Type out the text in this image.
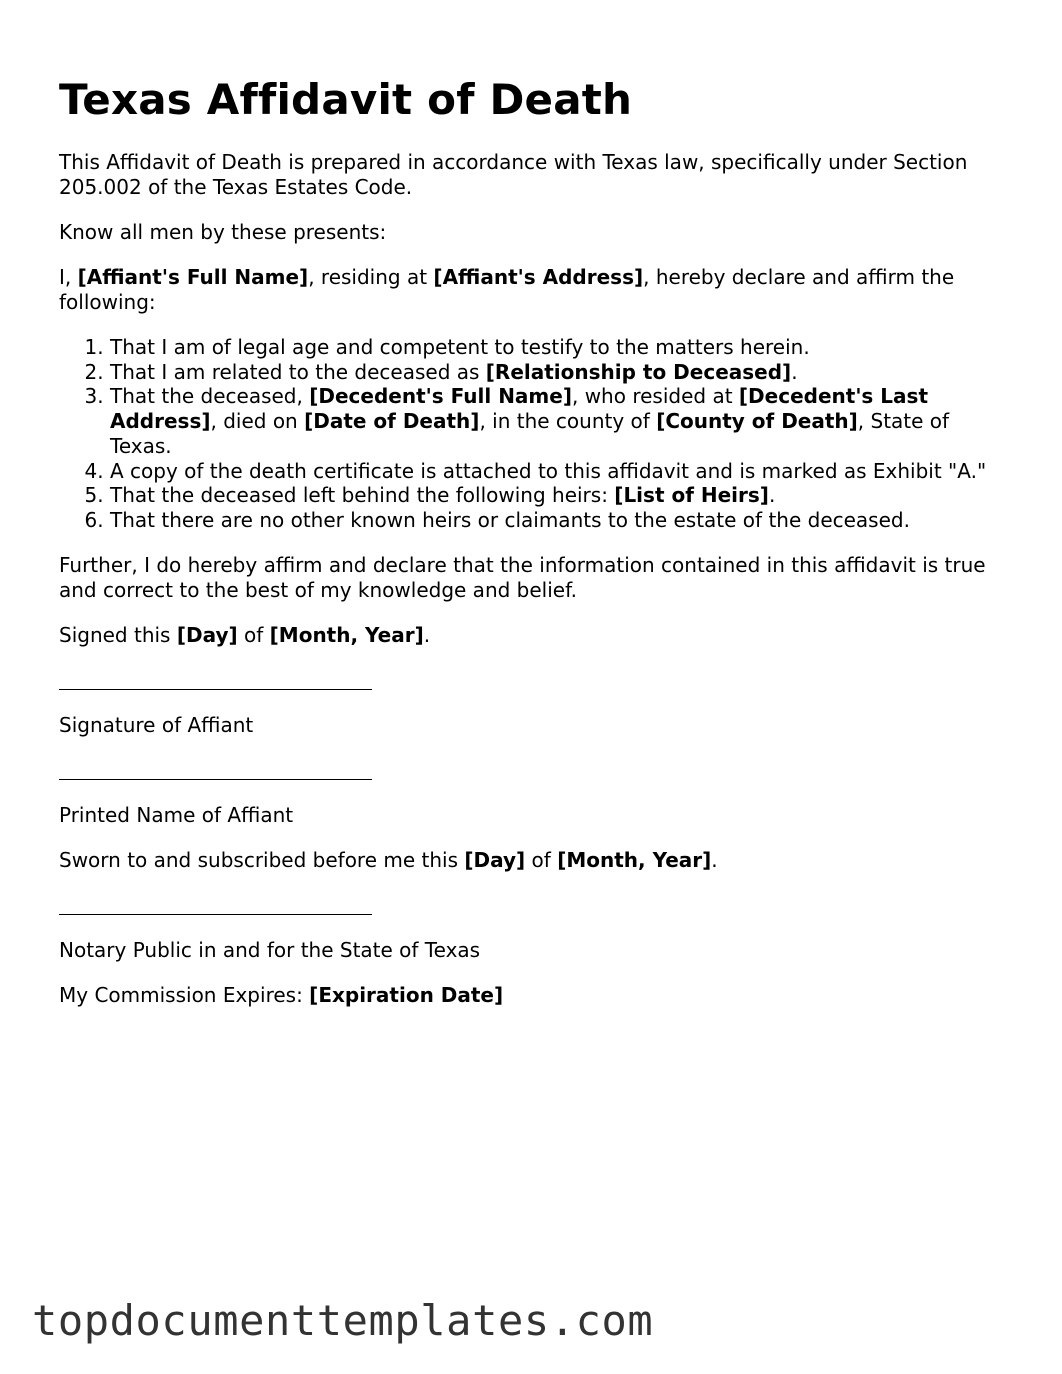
Texas Affidavit of Death

This Affidavit of Death is prepared in accordance with Texas law, specifically under Section 205.002 of the Texas Estates Code.

Know all men by these presents:

I, [Affiant's Full Name], residing at [Affiant's Address], hereby declare and affirm the following:

1. That I am of legal age and competent to testify to the matters herein.
2. That I am related to the deceased as [Relationship to Deceased].
3. That the deceased, [Decedent's Full Name], who resided at [Decedent's Last Address], died on [Date of Death], in the county of [County of Death], State of Texas.
4. A copy of the death certificate is attached to this affidavit and is marked as Exhibit "A."
5. That the deceased left behind the following heirs: [List of Heirs].
6. That there are no other known heirs or claimants to the estate of the deceased.

Further, I do hereby affirm and declare that the information contained in this affidavit is true and correct to the best of my knowledge and belief.

Signed this [Day] of [Month, Year].

Signature of Affiant

Printed Name of Affiant

Sworn to and subscribed before me this [Day] of [Month, Year].

Notary Public in and for the State of Texas

My Commission Expires: [Expiration Date]

topdocumenttemplates.com
